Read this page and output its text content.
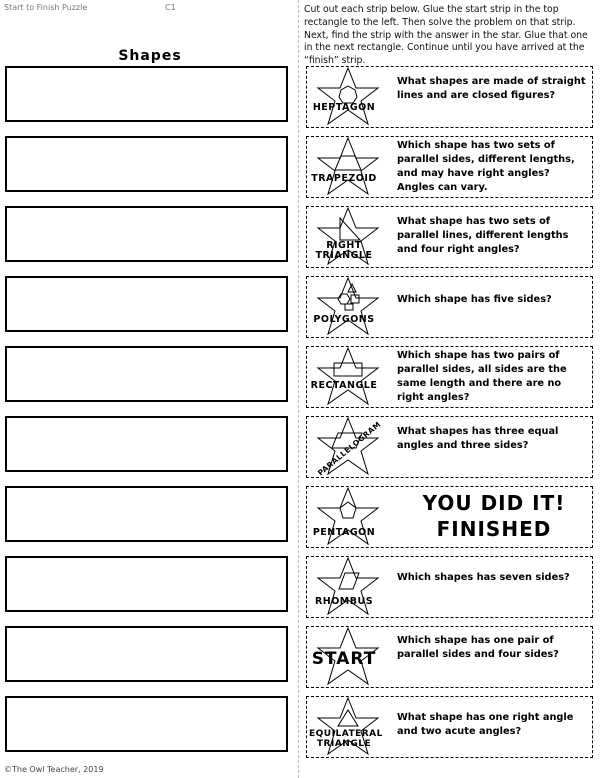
Start to Finish Puzzle	C1
Shapes
Cut out each strip below. Glue the start strip in the top rectangle to the left. Then solve the problem on that strip. Next, find the strip with the answer in the star. Glue that one in the next rectangle. Continue until you have arrived at the “finish” strip.
HEPTAGON
What shapes are made of straight lines and are closed figures?
TRAPEZOID
Which shape has two sets of parallel sides, different lengths, and may have right angles? Angles can vary.
RIGHT TRIANGLE
What shape has two sets of parallel lines, different lengths and four right angles?
POLYGONS
Which shape has five sides?
RECTANGLE
Which shape has two pairs of parallel sides, all sides are the same length and there are no right angles?
PARALLELOGRAM What shapes has three equal angles and three sides?
PENTAGON
YOU DID IT!
FINISHED
RHOMBUS
Which shapes has seven sides?
START
Which shape has one pair of parallel sides and four sides?
EQUILATERAL TRIANGLE
What shape has one right angle and two acute angles?
©The Owl Teacher, 2019
